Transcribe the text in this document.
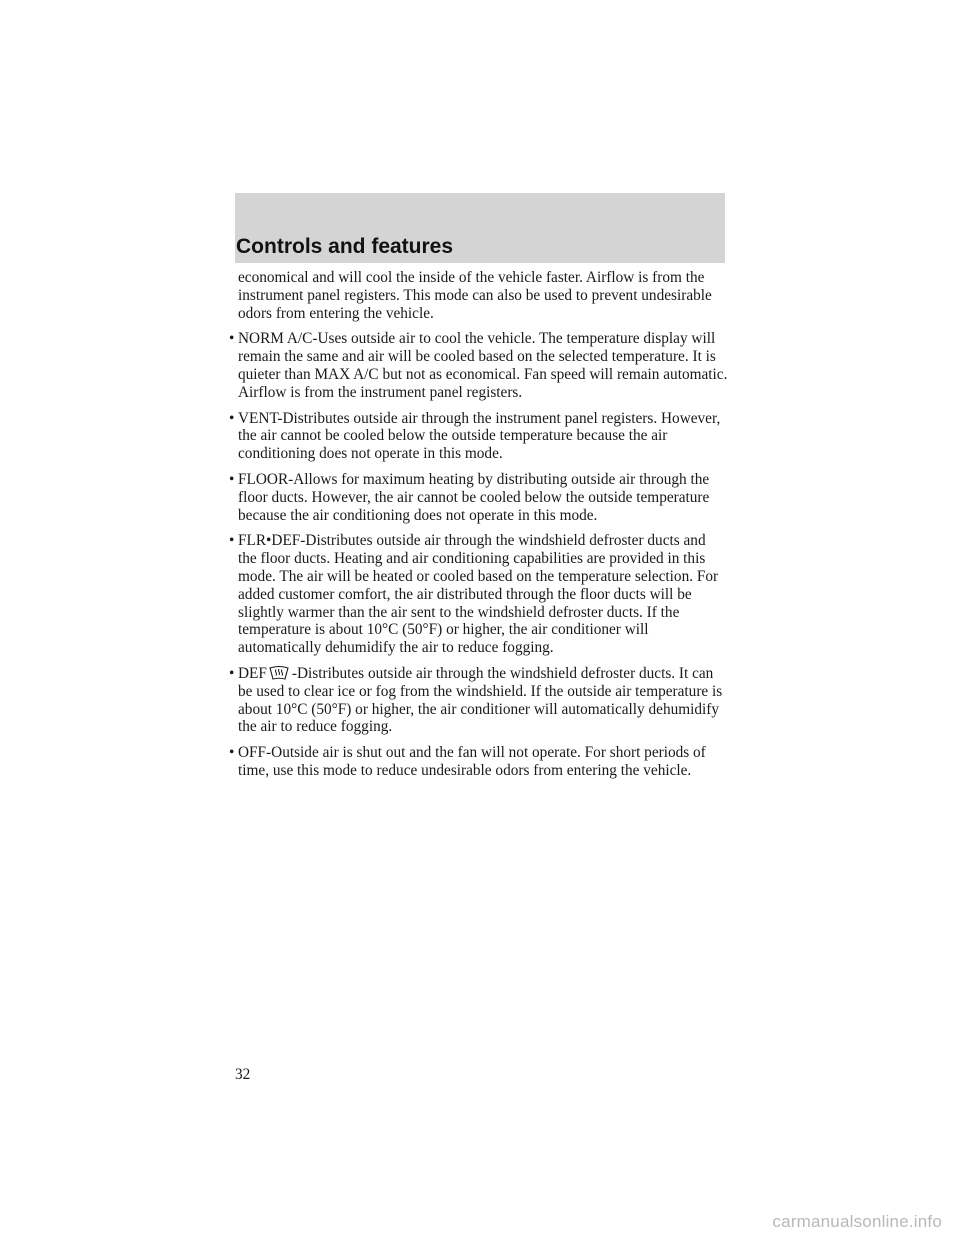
Controls and features

economical and will cool the inside of the vehicle faster. Airflow is from the instrument panel registers. This mode can also be used to prevent undesirable odors from entering the vehicle.

• NORM A/C-Uses outside air to cool the vehicle. The temperature display will remain the same and air will be cooled based on the selected temperature. It is quieter than MAX A/C but not as economical. Fan speed will remain automatic. Airflow is from the instrument panel registers.

• VENT-Distributes outside air through the instrument panel registers. However, the air cannot be cooled below the outside temperature because the air conditioning does not operate in this mode.

• FLOOR-Allows for maximum heating by distributing outside air through the floor ducts. However, the air cannot be cooled below the outside temperature because the air conditioning does not operate in this mode.

• FLR•DEF-Distributes outside air through the windshield defroster ducts and the floor ducts. Heating and air conditioning capabilities are provided in this mode. The air will be heated or cooled based on the temperature selection. For added customer comfort, the air distributed through the floor ducts will be slightly warmer than the air sent to the windshield defroster ducts. If the temperature is about 10°C (50°F) or higher, the air conditioner will automatically dehumidify the air to reduce fogging.

• DEF -Distributes outside air through the windshield defroster ducts. It can be used to clear ice or fog from the windshield. If the outside air temperature is about 10°C (50°F) or higher, the air conditioner will automatically dehumidify the air to reduce fogging.

• OFF-Outside air is shut out and the fan will not operate. For short periods of time, use this mode to reduce undesirable odors from entering the vehicle.

32
carmanualsonline.info
